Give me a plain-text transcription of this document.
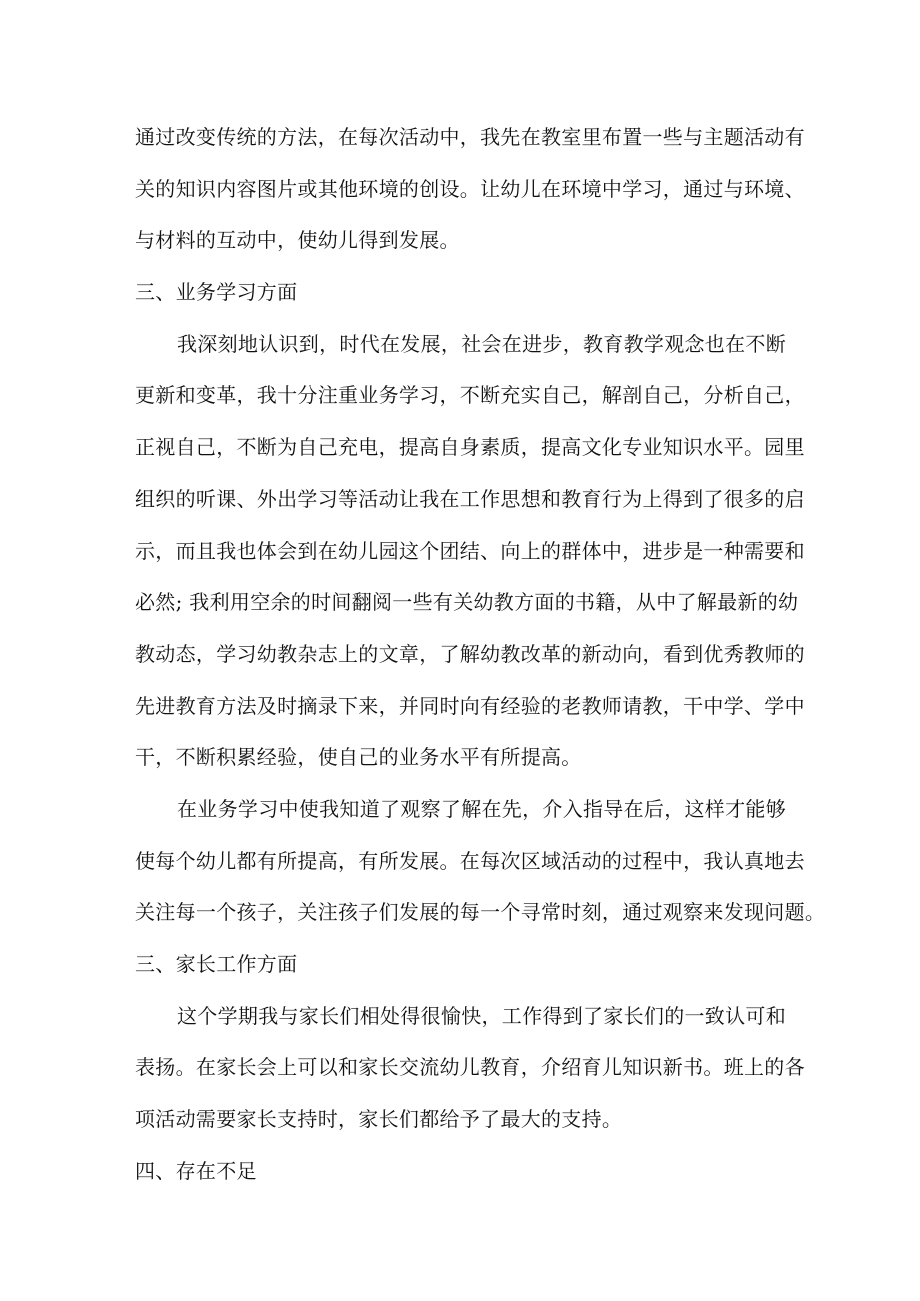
通过改变传统的方法，在每次活动中，我先在教室里布置一些与主题活动有
关的知识内容图片或其他环境的创设。让幼儿在环境中学习，通过与环境、
与材料的互动中，使幼儿得到发展。
三、业务学习方面
我深刻地认识到，时代在发展，社会在进步，教育教学观念也在不断
更新和变革，我十分注重业务学习，不断充实自己，解剖自己，分析自己，
正视自己，不断为自己充电，提高自身素质，提高文化专业知识水平。园里
组织的听课、外出学习等活动让我在工作思想和教育行为上得到了很多的启
示，而且我也体会到在幼儿园这个团结、向上的群体中，进步是一种需要和
必然; 我利用空余的时间翻阅一些有关幼教方面的书籍，从中了解最新的幼
教动态，学习幼教杂志上的文章，了解幼教改革的新动向，看到优秀教师的
先进教育方法及时摘录下来，并同时向有经验的老教师请教，干中学、学中
干，不断积累经验，使自己的业务水平有所提高。
在业务学习中使我知道了观察了解在先，介入指导在后，这样才能够
使每个幼儿都有所提高，有所发展。在每次区域活动的过程中，我认真地去
关注每一个孩子，关注孩子们发展的每一个寻常时刻，通过观察来发现问题。
三、家长工作方面
这个学期我与家长们相处得很愉快，工作得到了家长们的一致认可和
表扬。在家长会上可以和家长交流幼儿教育，介绍育儿知识新书。班上的各
项活动需要家长支持时，家长们都给予了最大的支持。
四、存在不足
